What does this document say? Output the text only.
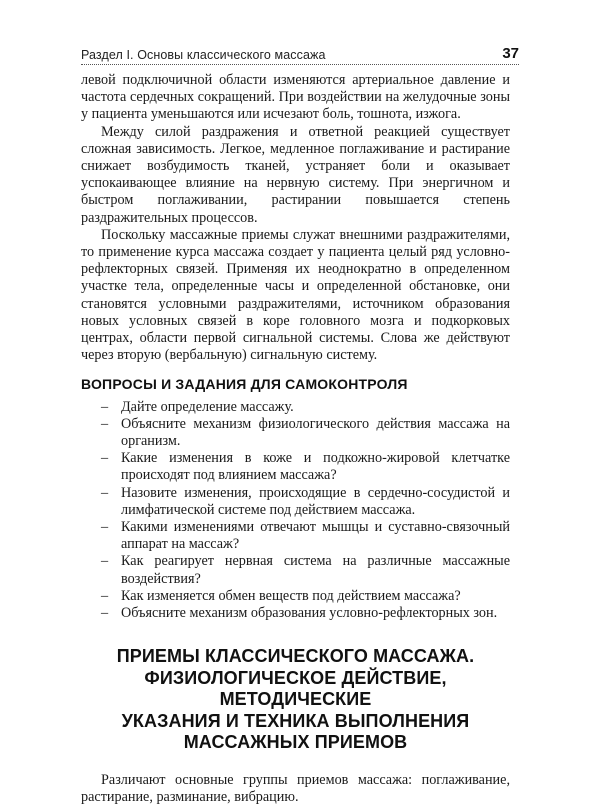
Раздел I. Основы классического массажа	37

левой подключичной области изменяются артериальное давление и частота сердечных сокращений. При воздействии на желудочные зоны у пациента уменьшаются или исчезают боль, тошнота, изжога.

Между силой раздражения и ответной реакцией существует сложная зависимость. Легкое, медленное поглаживание и растирание снижает возбудимость тканей, устраняет боли и оказывает успокаивающее влияние на нервную систему. При энергичном и быстром поглаживании, растирании повышается степень раздражительных процессов.

Поскольку массажные приемы служат внешними раздражителями, то применение курса массажа создает у пациента целый ряд условно-рефлекторных связей. Применяя их неоднократно в определенном участке тела, определенные часы и определенной обстановке, они становятся условными раздражителями, источником образования новых условных связей в коре головного мозга и подкорковых центрах, области первой сигнальной системы. Слова же действуют через вторую (вербальную) сигнальную систему.

ВОПРОСЫ И ЗАДАНИЯ ДЛЯ САМОКОНТРОЛЯ
– Дайте определение массажу.
– Объясните механизм физиологического действия массажа на организм.
– Какие изменения в коже и подкожно-жировой клетчатке происходят под влиянием массажа?
– Назовите изменения, происходящие в сердечно-сосудистой и лимфатической системе под действием массажа.
– Какими изменениями отвечают мышцы и суставно-связочный аппарат на массаж?
– Как реагирует нервная система на различные массажные воздействия?
– Как изменяется обмен веществ под действием массажа?
– Объясните механизм образования условно-рефлекторных зон.
ПРИЕМЫ КЛАССИЧЕСКОГО МАССАЖА.
ФИЗИОЛОГИЧЕСКОЕ ДЕЙСТВИЕ, МЕТОДИЧЕСКИЕ
УКАЗАНИЯ И ТЕХНИКА ВЫПОЛНЕНИЯ
МАССАЖНЫХ ПРИЕМОВ

Различают основные группы приемов массажа: поглаживание, растирание, разминание, вибрацию.
